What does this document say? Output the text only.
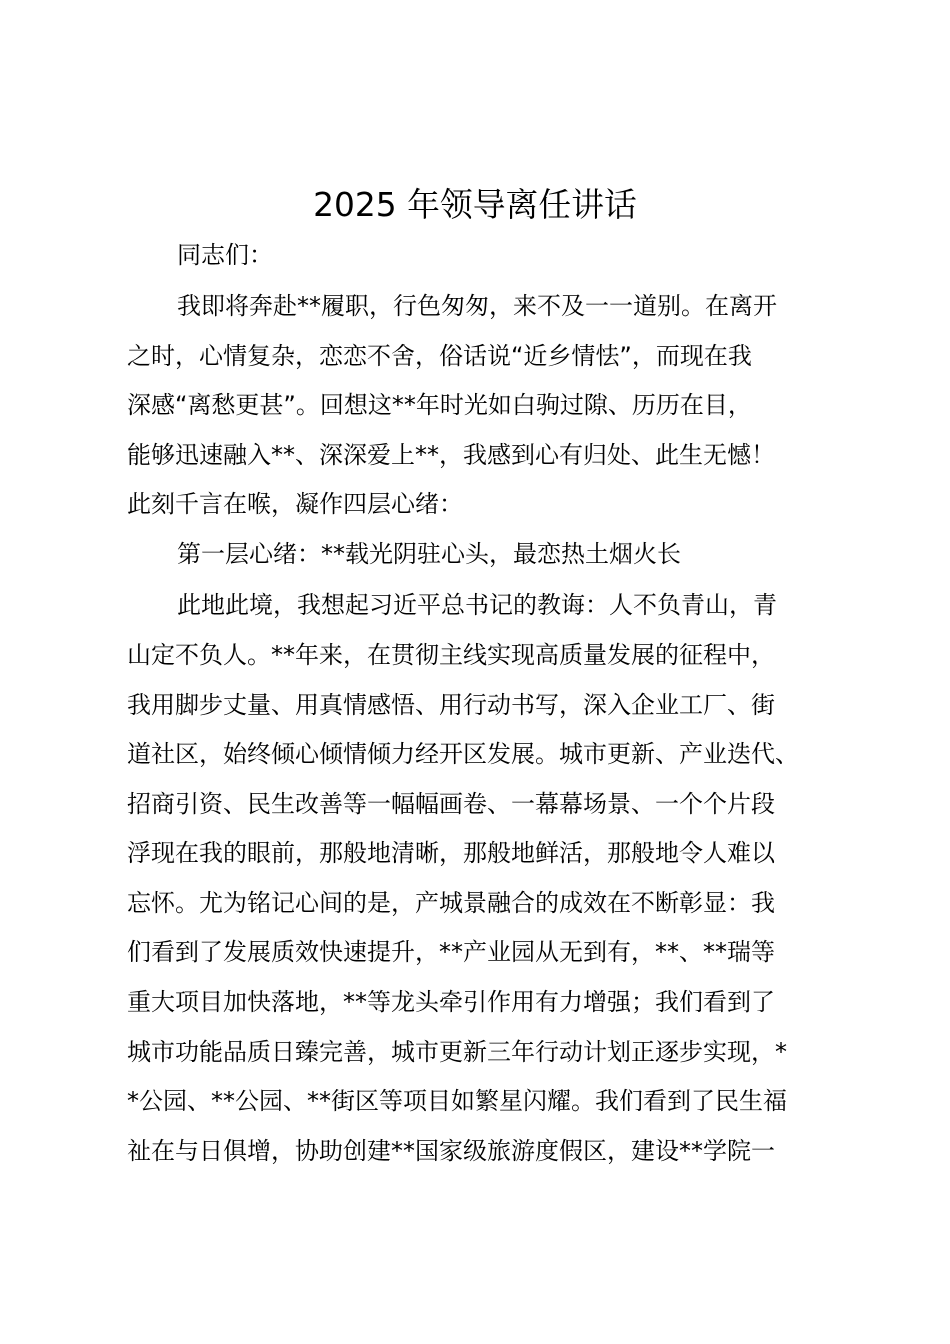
2025 年领导离任讲话
同志们：
我即将奔赴**履职，行色匆匆，来不及一一道别。在离开
之时，心情复杂，恋恋不舍，俗话说“近乡情怯”，而现在我
深感“离愁更甚”。回想这**年时光如白驹过隙、历历在目，
能够迅速融入**、深深爱上**，我感到心有归处、此生无憾！
此刻千言在喉，凝作四层心绪：
第一层心绪：**载光阴驻心头，最恋热土烟火长
此地此境，我想起习近平总书记的教诲：人不负青山，青
山定不负人。**年来，在贯彻主线实现高质量发展的征程中，
我用脚步丈量、用真情感悟、用行动书写，深入企业工厂、街
道社区，始终倾心倾情倾力经开区发展。城市更新、产业迭代、
招商引资、民生改善等一幅幅画卷、一幕幕场景、一个个片段
浮现在我的眼前，那般地清晰，那般地鲜活，那般地令人难以
忘怀。尤为铭记心间的是，产城景融合的成效在不断彰显：我
们看到了发展质效快速提升，**产业园从无到有，**、**瑞等
重大项目加快落地，**等龙头牵引作用有力增强；我们看到了
城市功能品质日臻完善，城市更新三年行动计划正逐步实现，*
*公园、**公园、**街区等项目如繁星闪耀。我们看到了民生福
祉在与日俱增，协助创建**国家级旅游度假区，建设**学院一
